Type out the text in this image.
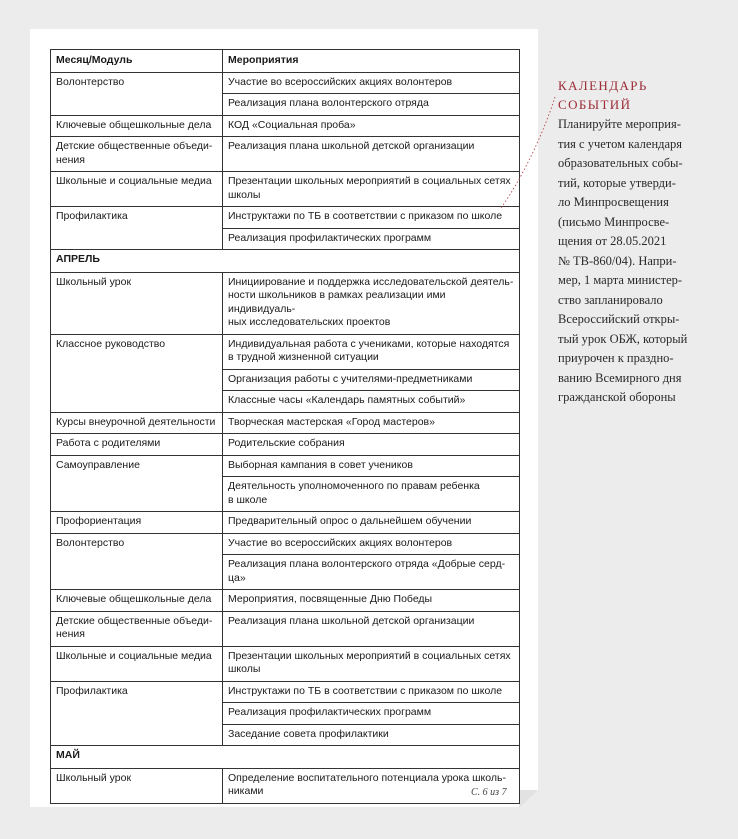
Месяц/Модуль	Мероприятия
Волонтерство	Участие во всероссийских акциях волонтеров
	Реализация плана волонтерского отряда
Ключевые общешкольные дела	КОД «Социальная проба»
Детские общественные объеди-
нения	Реализация плана школьной детской организации
Школьные и социальные медиа	Презентации школьных мероприятий в социальных сетях
школы
Профилактика	Инструктажи по ТБ в соответствии с приказом по школе
	Реализация профилактических программ
АПРЕЛЬ	
Школьный урок	Инициирование и поддержка исследовательской деятель-
ности школьников в рамках реализации ими индивидуаль-
ных исследовательских проектов
Классное руководство	Индивидуальная работа с учениками, которые находятся
в трудной жизненной ситуации
	Организация работы с учителями-предметниками
	Классные часы «Календарь памятных событий»
Курсы внеурочной деятельности	Творческая мастерская «Город мастеров»
Работа с родителями	Родительские собрания
Самоуправление	Выборная кампания в совет учеников
	Деятельность уполномоченного по правам ребенка
в школе
Профориентация	Предварительный опрос о дальнейшем обучении
Волонтерство	Участие во всероссийских акциях волонтеров
	Реализация плана волонтерского отряда «Добрые серд-
ца»
Ключевые общешкольные дела	Мероприятия, посвященные Дню Победы
Детские общественные объеди-
нения	Реализация плана школьной детской организации
Школьные и социальные медиа	Презентации школьных мероприятий в социальных сетях
школы
Профилактика	Инструктажи по ТБ в соответствии с приказом по школе
	Реализация профилактических программ
	Заседание совета профилактики
МАЙ	
Школьный урок	Определение воспитательного потенциала урока школь-
никами	С. 6 из 7
КАЛЕНДАРЬ
СОБЫТИЙ
Планируйте мероприя-
тия с учетом календаря
образовательных собы-
тий, которые утверди-
ло Минпросвещения
(письмо Минпросве-
щения от 28.05.2021
№ ТВ-860/04). Напри-
мер, 1 марта министер-
ство запланировало
Всероссийский откры-
тый урок ОБЖ, который
приурочен к праздно-
ванию Всемирного дня
гражданской обороны
